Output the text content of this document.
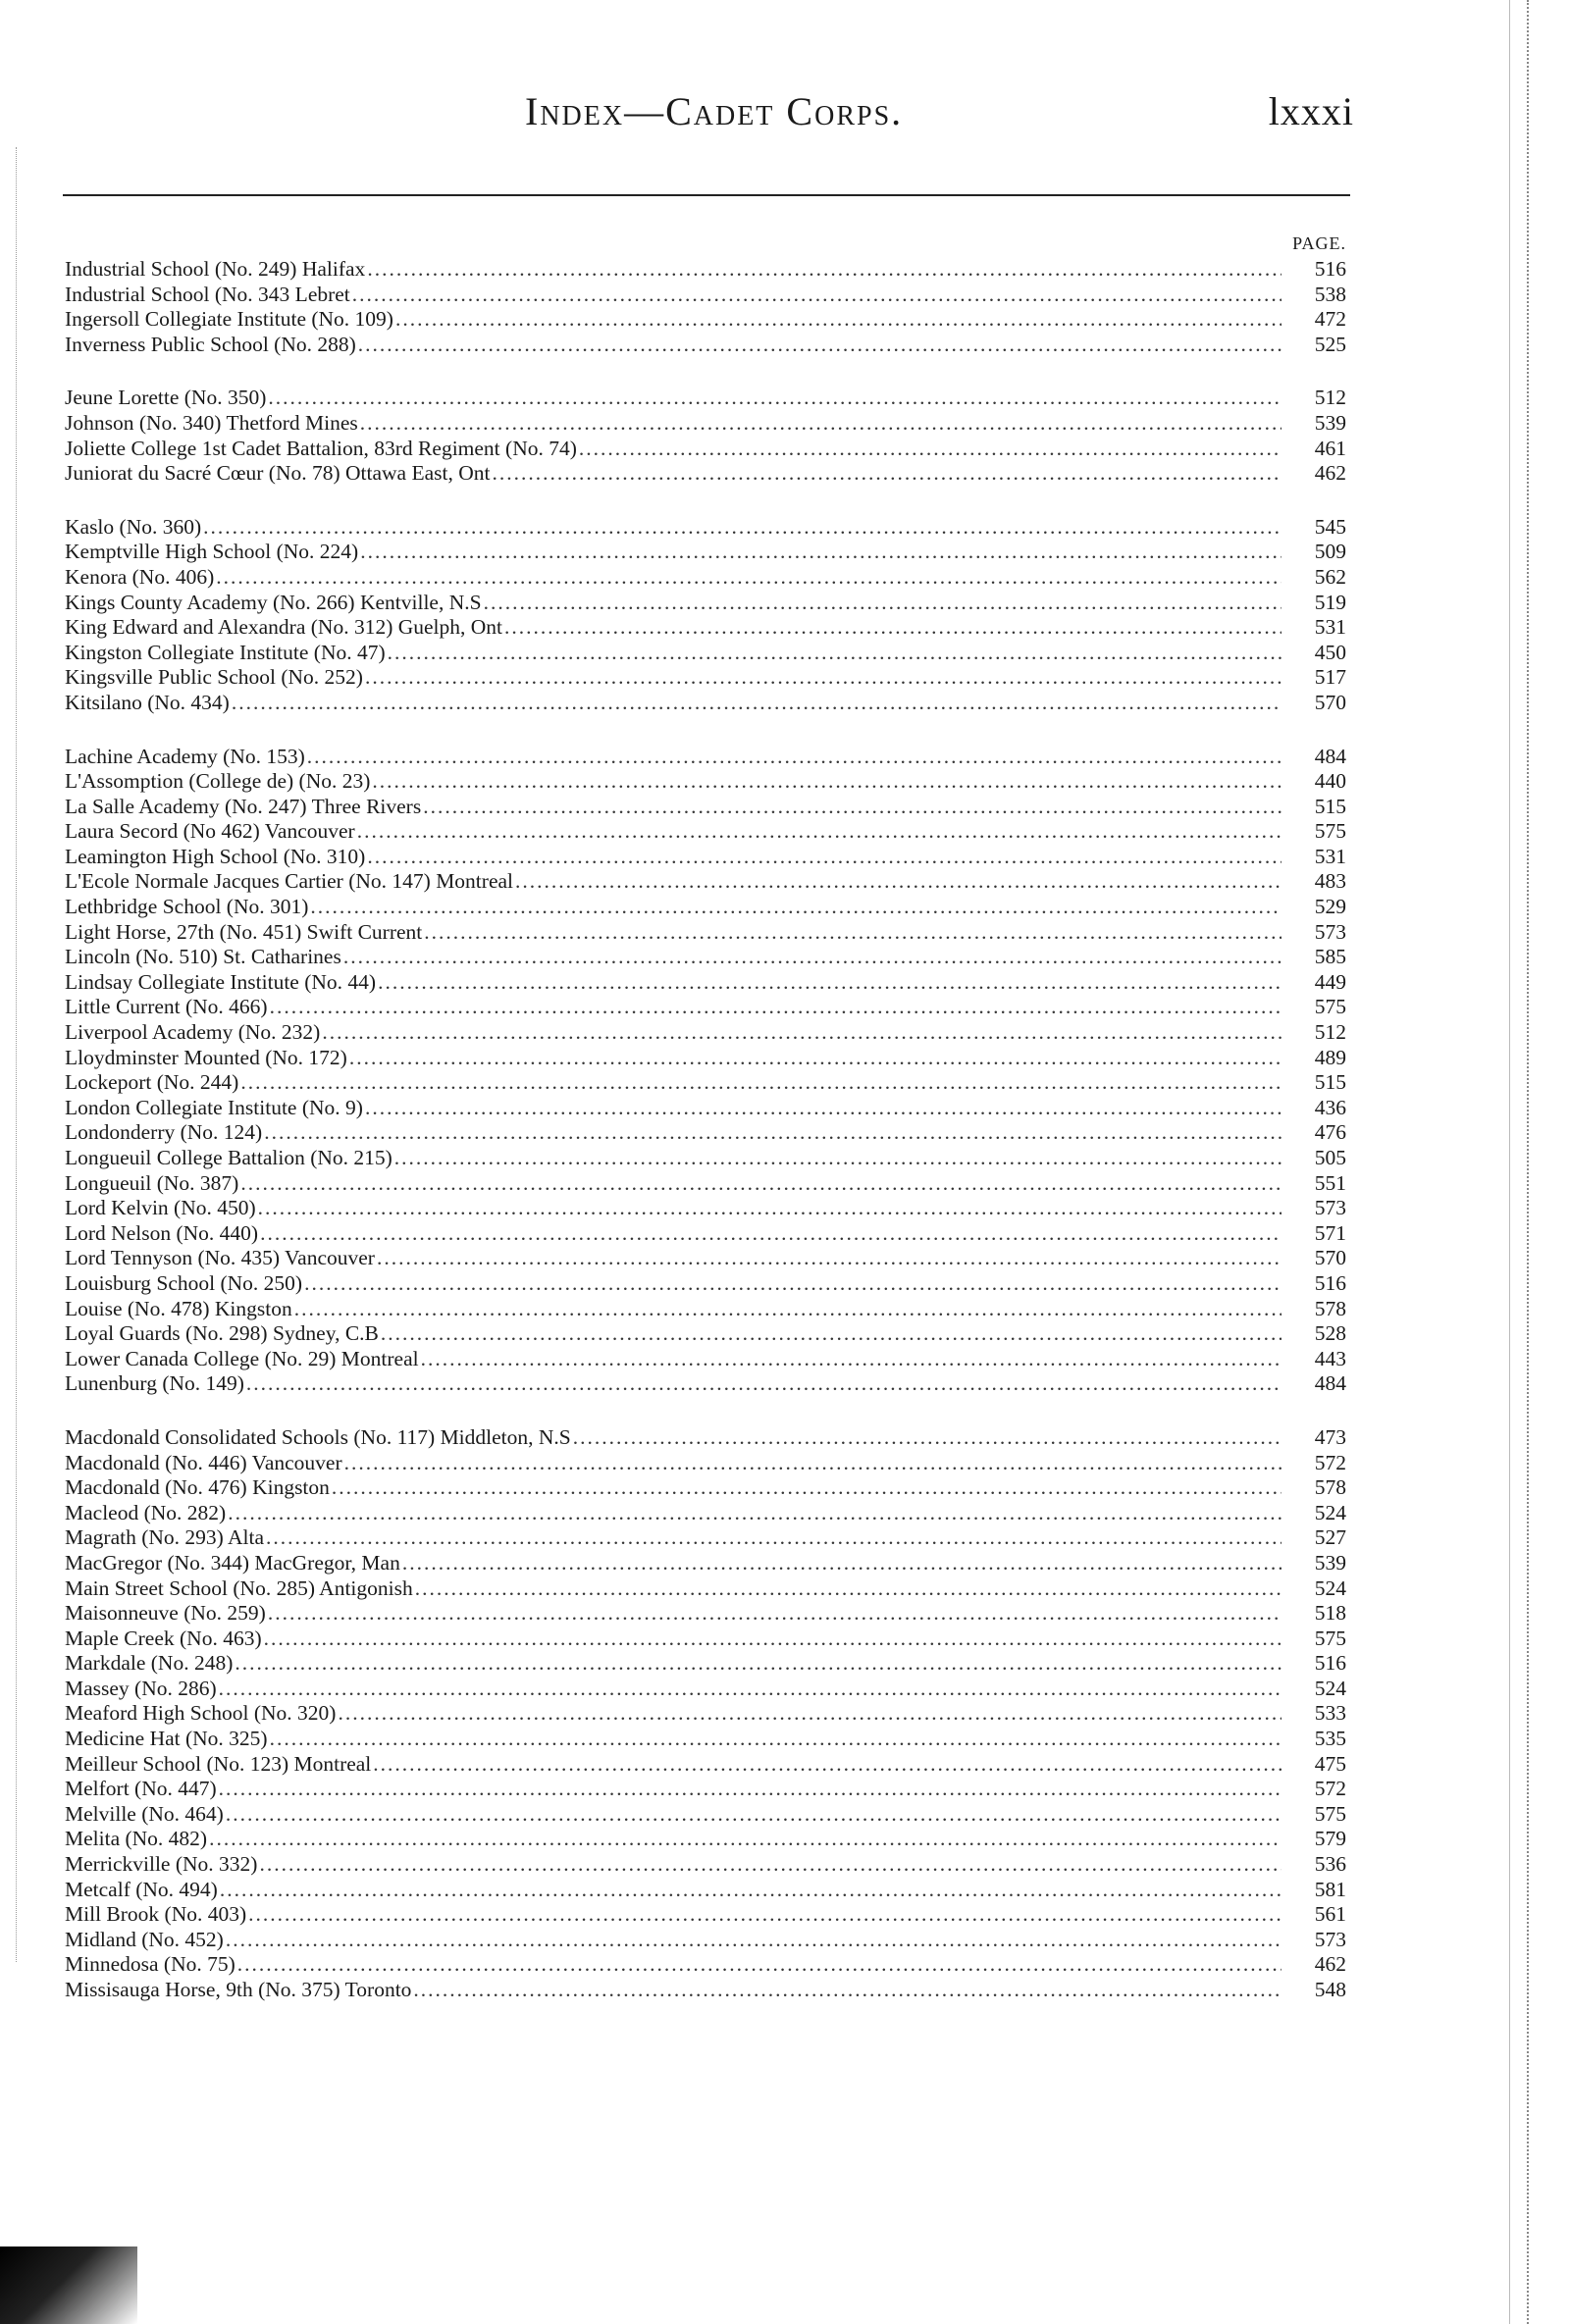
Index—Cadet Corps.	lxxxi
PAGE.
Industrial School (No. 249) Halifax .....	516
Industrial School (No. 343 Lebret .....	538
Ingersoll Collegiate Institute (No. 109) .....	472
Inverness Public School (No. 288) .....	525
Jeune Lorette (No. 350) .....	512
Johnson (No. 340) Thetford Mines .....	539
Joliette College 1st Cadet Battalion, 83rd Regiment (No. 74) .....	461
Juniorat du Sacré Cœur (No. 78) Ottawa East, Ont .....	462
Kaslo (No. 360) .....	545
Kemptville High School (No. 224) .....	509
Kenora (No. 406) .....	562
Kings County Academy (No. 266) Kentville, N.S .....	519
King Edward and Alexandra (No. 312) Guelph, Ont .....	531
Kingston Collegiate Institute (No. 47) .....	450
Kingsville Public School (No. 252) .....	517
Kitsilano (No. 434) .....	570
Lachine Academy (No. 153) .....	484
L'Assomption (College de) (No. 23) .....	440
La Salle Academy (No. 247) Three Rivers .....	515
Laura Secord (No 462) Vancouver .....	575
Leamington High School (No. 310) .....	531
L'Ecole Normale Jacques Cartier (No. 147) Montreal .....	483
Lethbridge School (No. 301) .....	529
Light Horse, 27th (No. 451) Swift Current .....	573
Lincoln (No. 510) St. Catharines .....	585
Lindsay Collegiate Institute (No. 44) .....	449
Little Current (No. 466) .....	575
Liverpool Academy (No. 232) .....	512
Lloydminster Mounted (No. 172) .....	489
Lockeport (No. 244) .....	515
London Collegiate Institute (No. 9) .....	436
Londonderry (No. 124) .....	476
Longueuil College Battalion (No. 215) .....	505
Longueuil (No. 387) .....	551
Lord Kelvin (No. 450) .....	573
Lord Nelson (No. 440) .....	571
Lord Tennyson (No. 435) Vancouver .....	570
Louisburg School (No. 250) .....	516
Louise (No. 478) Kingston .....	578
Loyal Guards (No. 298) Sydney, C.B .....	528
Lower Canada College (No. 29) Montreal .....	443
Lunenburg (No. 149) .....	484
Macdonald Consolidated Schools (No. 117) Middleton, N.S .....	473
Macdonald (No. 446) Vancouver .....	572
Macdonald (No. 476) Kingston .....	578
Macleod (No. 282) .....	524
Magrath (No. 293) Alta .....	527
MacGregor (No. 344) MacGregor, Man .....	539
Main Street School (No. 285) Antigonish .....	524
Maisonneuve (No. 259) .....	518
Maple Creek (No. 463) .....	575
Markdale (No. 248) .....	516
Massey (No. 286) .....	524
Meaford High School (No. 320) .....	533
Medicine Hat (No. 325) .....	535
Meilleur School (No. 123) Montreal .....	475
Melfort (No. 447) .....	572
Melville (No. 464) .....	575
Melita (No. 482) .....	579
Merrickville (No. 332) .....	536
Metcalf (No. 494) .....	581
Mill Brook (No. 403) .....	561
Midland (No. 452) .....	573
Minnedosa (No. 75) .....	462
Missisauga Horse, 9th (No. 375) Toronto .....	548
